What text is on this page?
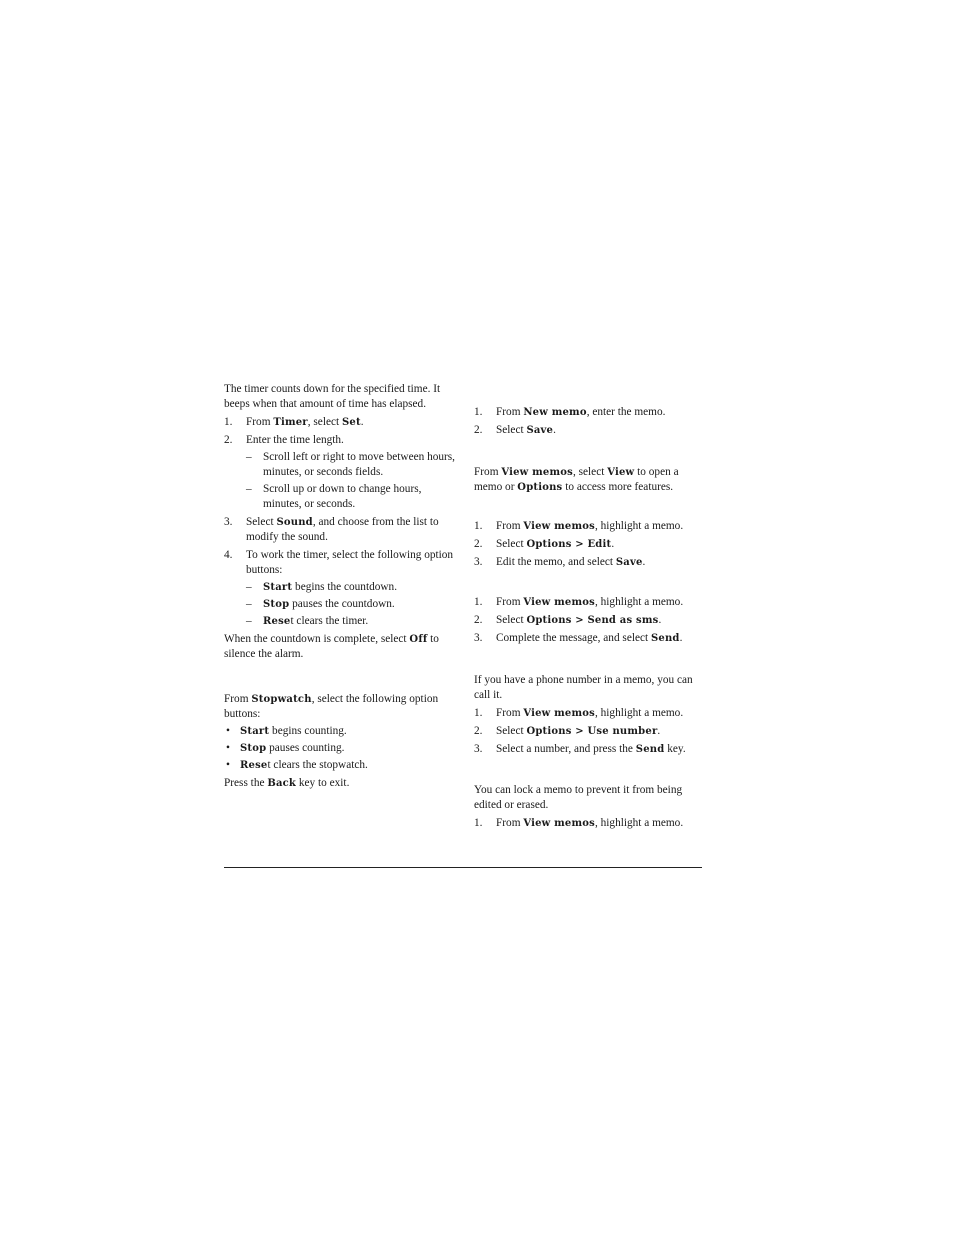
The timer counts down for the specified time. It beeps when that amount of time has elapsed.

1. From Timer, select Set.
2. Enter the time length.
– Scroll left or right to move between hours, minutes, or seconds fields.
– Scroll up or down to change hours, minutes, or seconds.
3. Select Sound, and choose from the list to modify the sound.
4. To work the timer, select the following option buttons:
– Start begins the countdown.
– Stop pauses the countdown.
– Reset clears the timer.

When the countdown is complete, select Off to silence the alarm.

From Stopwatch, select the following option buttons:

• Start begins counting.
• Stop pauses counting.
• Reset clears the stopwatch.

Press the Back key to exit.

1. From New memo, enter the memo.
2. Select Save.

From View memos, select View to open a memo or Options to access more features.

1. From View memos, highlight a memo.
2. Select Options > Edit.
3. Edit the memo, and select Save.
1. From View memos, highlight a memo.
2. Select Options > Send as sms.
3. Complete the message, and select Send.

If you have a phone number in a memo, you can call it.

1. From View memos, highlight a memo.
2. Select Options > Use number.
3. Select a number, and press the Send key.

You can lock a memo to prevent it from being edited or erased.

1. From View memos, highlight a memo.
